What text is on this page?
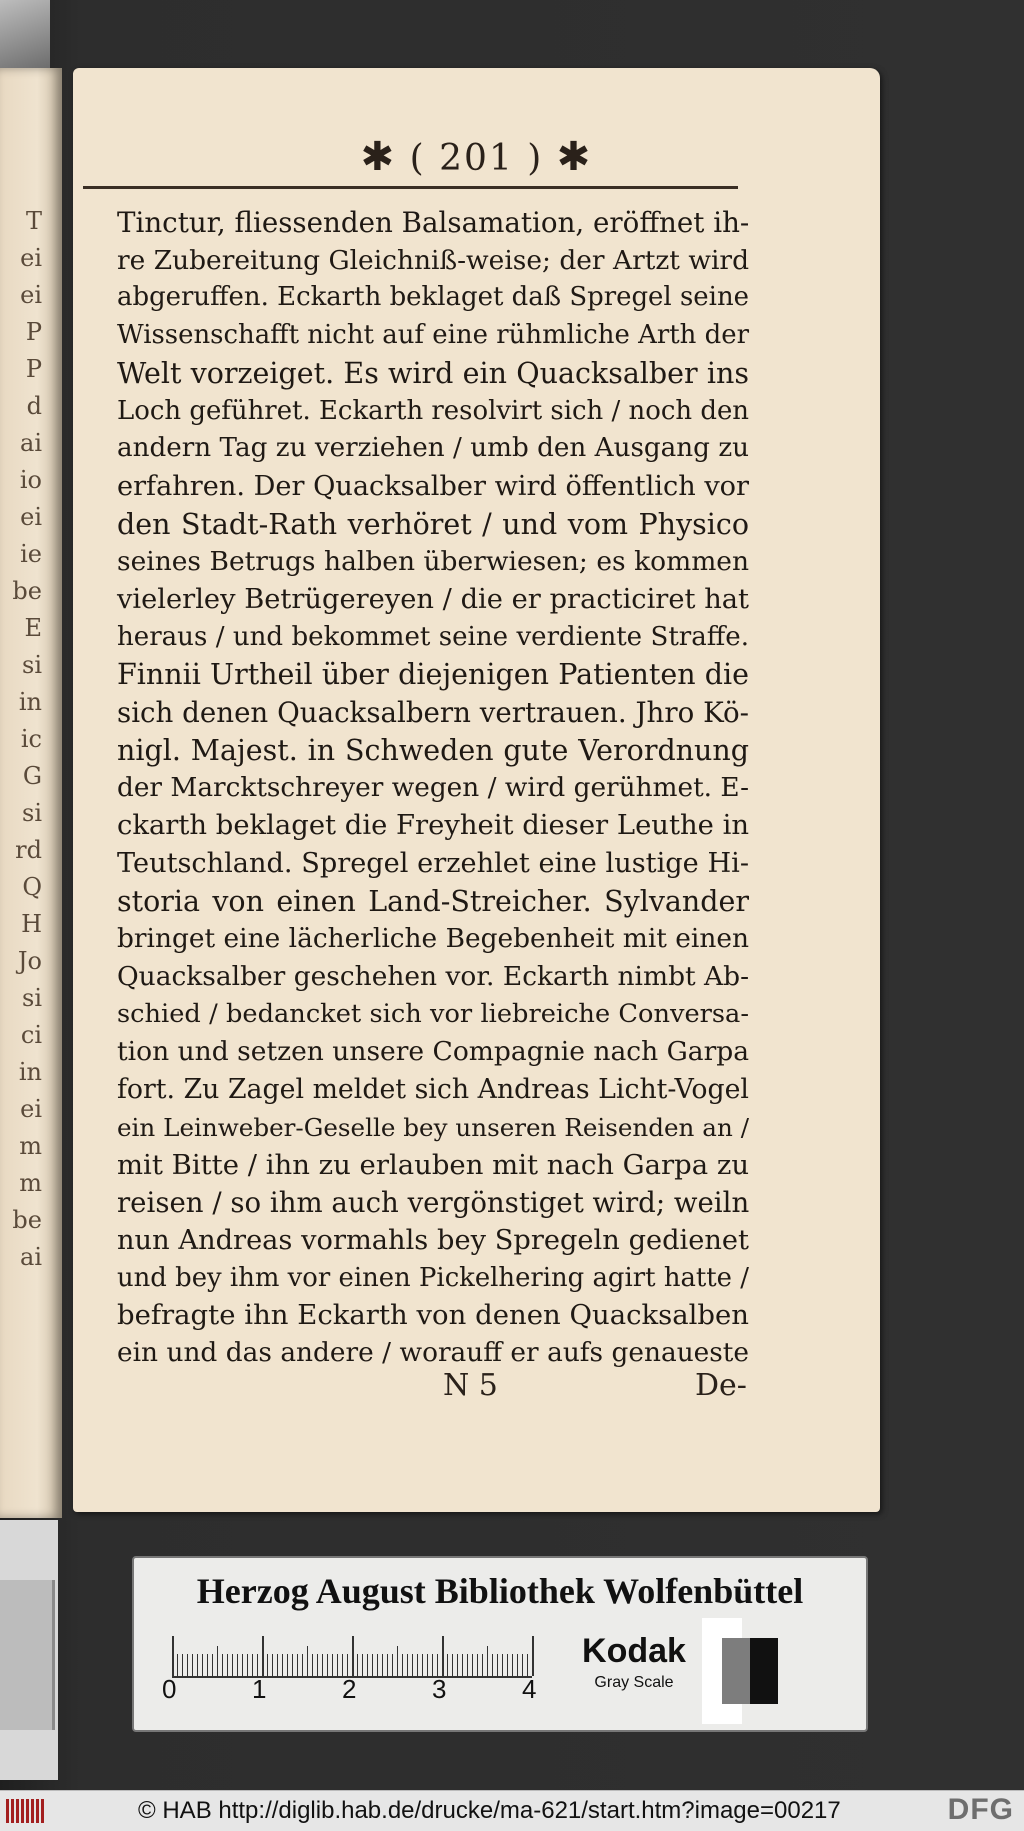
T
ei
ei
P
P
d
ai
io
ei
ie
be
E
si
in
ic
G
si
rd
Q
H
Jo
si
ci
in
ei
m
m
be
ai
✱ ( 201 ) ✱
Tinctur, fliessenden Balsamation, eröffnet ih-
re Zubereitung Gleichniß-weise; der Artzt wird
abgeruffen. Eckarth beklaget daß Spregel seine
Wissenschafft nicht auf eine rühmliche Arth der
Welt vorzeiget. Es wird ein Quacksalber ins
Loch geführet. Eckarth resolvirt sich / noch den
andern Tag zu verziehen / umb den Ausgang zu
erfahren. Der Quacksalber wird öffentlich vor
den Stadt-Rath verhöret / und vom Physico
seines Betrugs halben überwiesen; es kommen
vielerley Betrügereyen / die er practiciret hat
heraus / und bekommet seine verdiente Straffe.
Finnii Urtheil über diejenigen Patienten die
sich denen Quacksalbern vertrauen. Jhro Kö-
nigl. Majest. in Schweden gute Verordnung
der Marcktschreyer wegen / wird gerühmet. E-
ckarth beklaget die Freyheit dieser Leuthe in
Teutschland. Spregel erzehlet eine lustige Hi-
storia von einen Land-Streicher. Sylvander
bringet eine lächerliche Begebenheit mit einen
Quacksalber geschehen vor. Eckarth nimbt Ab-
schied / bedancket sich vor liebreiche Conversa-
tion und setzen unsere Compagnie nach Garpa
fort. Zu Zagel meldet sich Andreas Licht-Vogel
ein Leinweber-Geselle bey unseren Reisenden an /
mit Bitte / ihn zu erlauben mit nach Garpa zu
reisen / so ihm auch vergönstiget wird; weiln
nun Andreas vormahls bey Spregeln gedienet
und bey ihm vor einen Pickelhering agirt hatte /
befragte ihn Eckarth von denen Quacksalben
ein und das andere / worauff er aufs genaueste
N 5	De-
Herzog August Bibliothek Wolfenbüttel
0	1	2	3	4
Kodak
Gray Scale
© HAB http://diglib.hab.de/drucke/ma-621/start.htm?image=00217	DFG
